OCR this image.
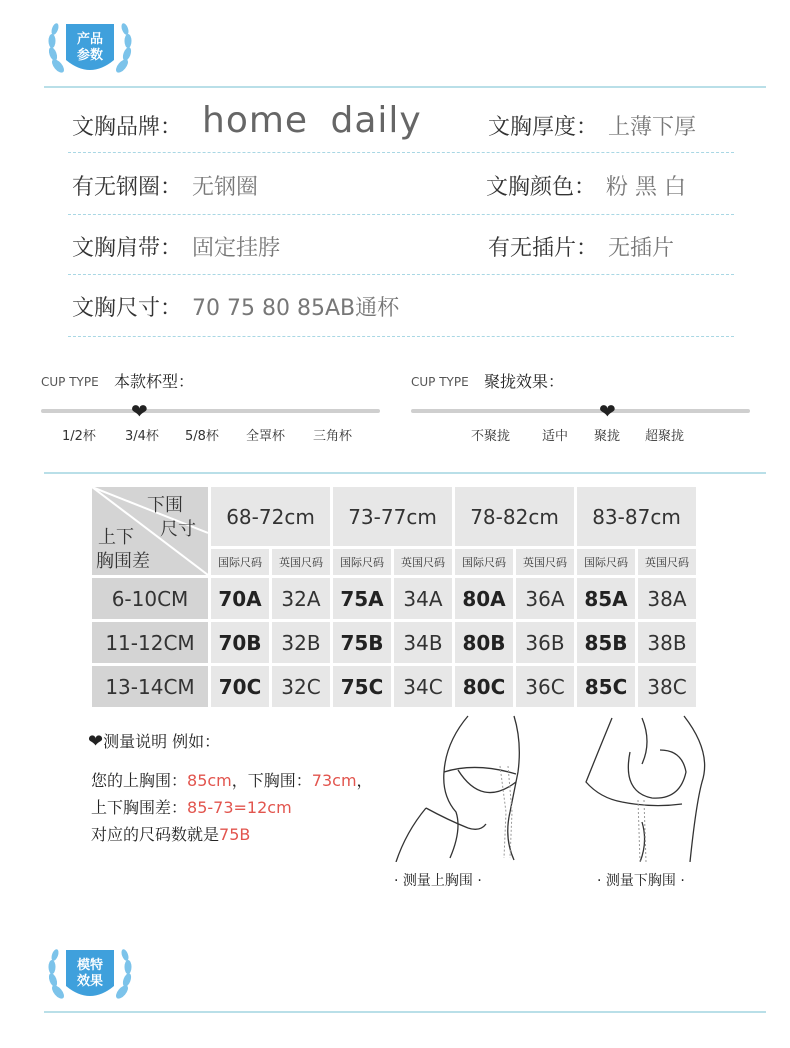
产品
参数
文胸品牌： home daily	文胸厚度： 上薄下厚
有无钢圈： 无钢圈	文胸颜色： 粉 黑 白
文胸肩带： 固定挂脖	有无插片： 无插片
文胸尺寸： 70 75 80 85AB通杯
CUP TYPE 本款杯型：
❤
1/2杯 3/4杯 5/8杯 全罩杯 三角杯
CUP TYPE 聚拢效果：
❤
不聚拢 适中 聚拢 超聚拢
下围
尺寸
上下
胸围差	68-72cm		73-77cm		78-82cm		83-87cm	
	国际尺码	英国尺码	国际尺码	英国尺码	国际尺码	英国尺码	国际尺码	英国尺码
6-10CM	70A	32A	75A	34A	80A	36A	85A	38A
11-12CM	70B	32B	75B	34B	80B	36B	85B	38B
13-14CM	70C	32C	75C	34C	80C	36C	85C	38C
❤测量说明 例如：
您的上胸围：85cm，下胸围：73cm，
上下胸围差：85-73=12cm
对应的尺码数就是75B
· 测量上胸围 ·	· 测量下胸围 ·
模特
效果
